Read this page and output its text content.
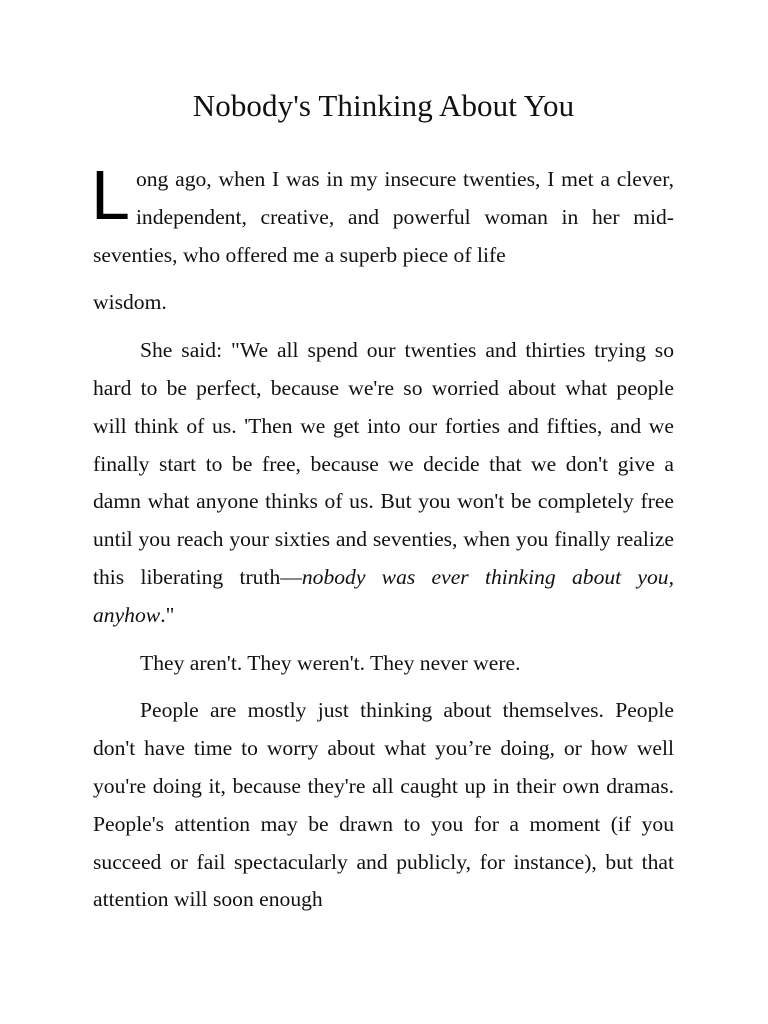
Nobody's Thinking About You

Long ago, when I was in my insecure twenties, I met a clever, independent, creative, and powerful woman in her mid-seventies, who offered me a superb piece of life

wisdom.

She said: "We all spend our twenties and thirties trying so hard to be perfect, because we're so worried about what people will think of us. 'Then we get into our forties and fifties, and we finally start to be free, because we decide that we don't give a damn what anyone thinks of us. But you won't be completely free until you reach your sixties and seventies, when you finally realize this liberating truth—nobody was ever thinking about you, anyhow."

They aren't. They weren't. They never were.

People are mostly just thinking about themselves. People don't have time to worry about what you’re doing, or how well you're doing it, because they're all caught up in their own dramas. People's attention may be drawn to you for a moment (if you succeed or fail spectacularly and publicly, for instance), but that attention will soon enough
